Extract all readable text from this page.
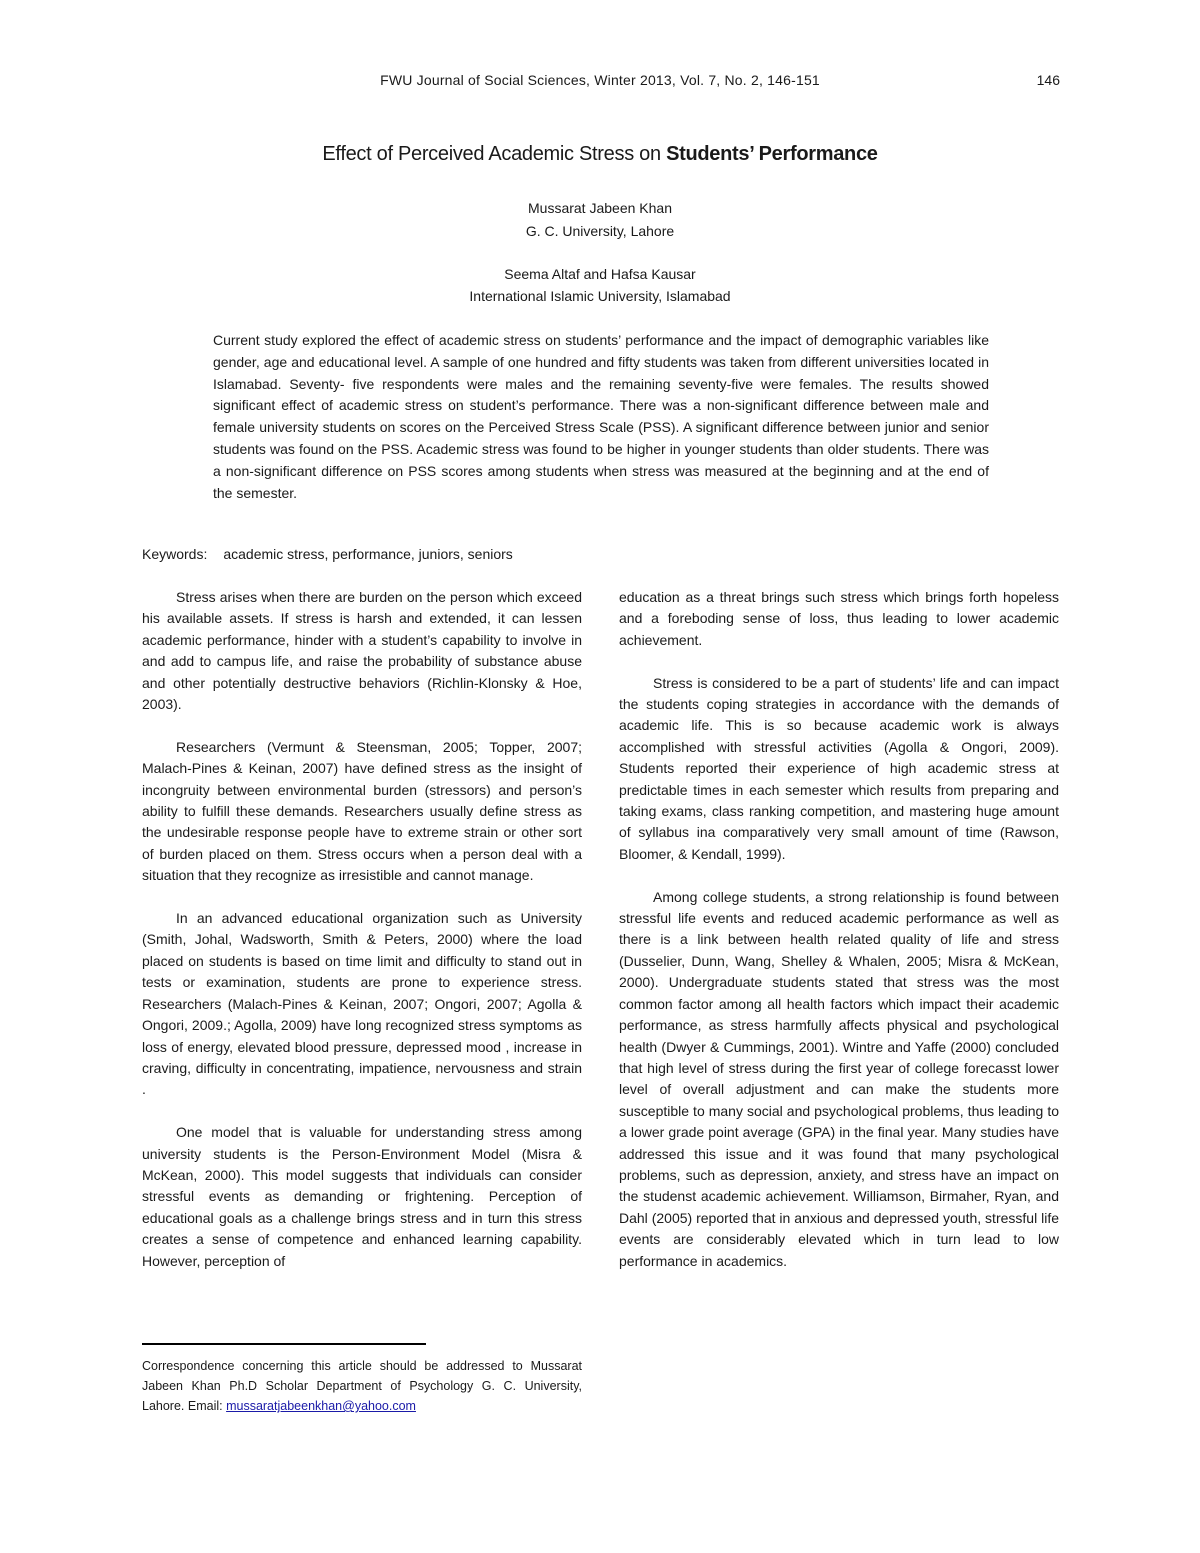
FWU Journal of Social Sciences, Winter 2013, Vol. 7, No. 2, 146-151	146
Effect of Perceived Academic Stress on Students’ Performance
Mussarat Jabeen Khan
G. C. University, Lahore
Seema Altaf and Hafsa Kausar
International Islamic University, Islamabad

Current study explored the effect of academic stress on students’ performance and the impact of demographic variables like gender, age and educational level. A sample of one hundred and fifty students was taken from different universities located in Islamabad. Seventy- five respondents were males and the remaining seventy-five were females. The results showed significant effect of academic stress on student’s performance. There was a non-significant difference between male and female university students on scores on the Perceived Stress Scale (PSS). A significant difference between junior and senior students was found on the PSS. Academic stress was found to be higher in younger students than older students. There was a non-significant difference on PSS scores among students when stress was measured at the beginning and at the end of the semester.

Keywords: academic stress, performance, juniors, seniors

Stress arises when there are burden on the person which exceed his available assets. If stress is harsh and extended, it can lessen academic performance, hinder with a student’s capability to involve in and add to campus life, and raise the probability of substance abuse and other potentially destructive behaviors (Richlin-Klonsky & Hoe, 2003).

Researchers (Vermunt & Steensman, 2005; Topper, 2007; Malach-Pines & Keinan, 2007) have defined stress as the insight of incongruity between environmental burden (stressors) and person’s ability to fulfill these demands. Researchers usually define stress as the undesirable response people have to extreme strain or other sort of burden placed on them. Stress occurs when a person deal with a situation that they recognize as irresistible and cannot manage.

In an advanced educational organization such as University (Smith, Johal, Wadsworth, Smith & Peters, 2000) where the load placed on students is based on time limit and difficulty to stand out in tests or examination, students are prone to experience stress. Researchers (Malach-Pines & Keinan, 2007; Ongori, 2007; Agolla & Ongori, 2009.; Agolla, 2009) have long recognized stress symptoms as loss of energy, elevated blood pressure, depressed mood , increase in craving, difficulty in concentrating, impatience, nervousness and strain .

One model that is valuable for understanding stress among university students is the Person-Environment Model (Misra & McKean, 2000). This model suggests that individuals can consider stressful events as demanding or frightening. Perception of educational goals as a challenge brings stress and in turn this stress creates a sense of competence and enhanced learning capability. However, perception of

education as a threat brings such stress which brings forth hopeless and a foreboding sense of loss, thus leading to lower academic achievement.

Stress is considered to be a part of students’ life and can impact the students coping strategies in accordance with the demands of academic life. This is so because academic work is always accomplished with stressful activities (Agolla & Ongori, 2009). Students reported their experience of high academic stress at predictable times in each semester which results from preparing and taking exams, class ranking competition, and mastering huge amount of syllabus ina comparatively very small amount of time (Rawson, Bloomer, & Kendall, 1999).

Among college students, a strong relationship is found between stressful life events and reduced academic performance as well as there is a link between health related quality of life and stress (Dusselier, Dunn, Wang, Shelley & Whalen, 2005; Misra & McKean, 2000). Undergraduate students stated that stress was the most common factor among all health factors which impact their academic performance, as stress harmfully affects physical and psychological health (Dwyer & Cummings, 2001). Wintre and Yaffe (2000) concluded that high level of stress during the first year of college forecasst lower level of overall adjustment and can make the students more susceptible to many social and psychological problems, thus leading to a lower grade point average (GPA) in the final year. Many studies have addressed this issue and it was found that many psychological problems, such as depression, anxiety, and stress have an impact on the studenst academic achievement. Williamson, Birmaher, Ryan, and Dahl (2005) reported that in anxious and depressed youth, stressful life events are considerably elevated which in turn lead to low performance in academics.

Correspondence concerning this article should be addressed to Mussarat Jabeen Khan Ph.D Scholar Department of Psychology G. C. University, Lahore. Email: mussaratjabeenkhan@yahoo.com
